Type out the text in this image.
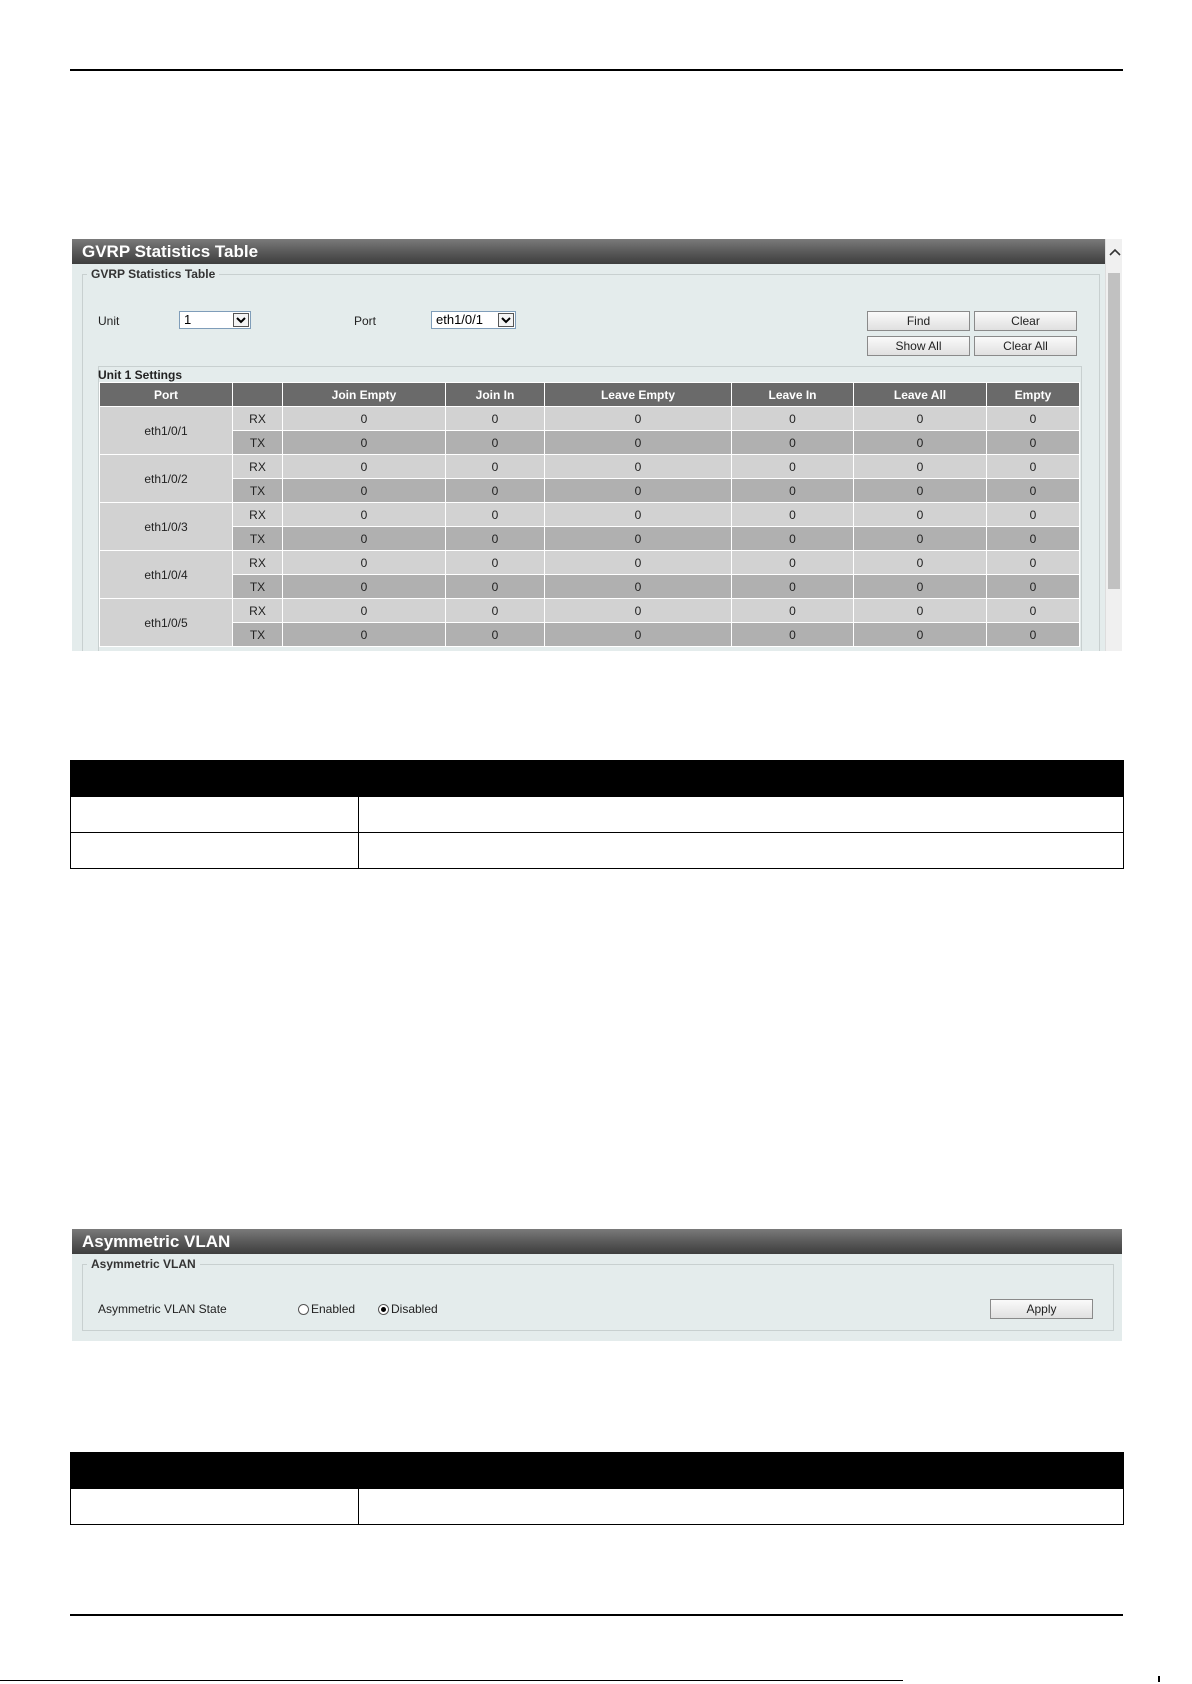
GVRP Statistics Table
GVRP Statistics Table
Unit	1	Port	eth1/0/1	Find	Clear
Show All	Clear All
Unit 1 Settings
Port		Join Empty	Join In	Leave Empty	Leave In	Leave All	Empty
eth1/0/1	RX	0	0	0	0	0	0
	TX	0	0	0	0	0	0
eth1/0/2	RX	0	0	0	0	0	0
	TX	0	0	0	0	0	0
eth1/0/3	RX	0	0	0	0	0	0
	TX	0	0	0	0	0	0
eth1/0/4	RX	0	0	0	0	0	0
	TX	0	0	0	0	0	0
eth1/0/5	RX	0	0	0	0	0	0
	TX	0	0	0	0	0	0

Asymmetric VLAN
Asymmetric VLAN
Asymmetric VLAN State	Enabled	Disabled	Apply
